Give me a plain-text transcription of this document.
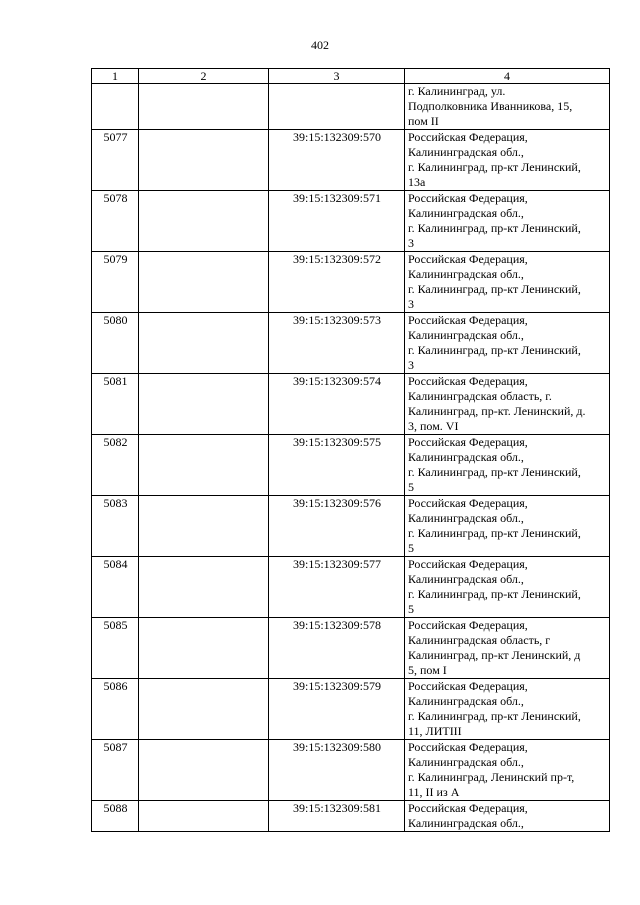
402
1	2	3	4

			г. Калининград, ул.
Подполковника Иванникова, 15,
пом II

5077		39:15:132309:570	Российская Федерация,
Калининградская обл.,
г. Калининград, пр-кт Ленинский,
13а

5078		39:15:132309:571	Российская Федерация,
Калининградская обл.,
г. Калининград, пр-кт Ленинский,
3

5079		39:15:132309:572	Российская Федерация,
Калининградская обл.,
г. Калининград, пр-кт Ленинский,
3

5080		39:15:132309:573	Российская Федерация,
Калининградская обл.,
г. Калининград, пр-кт Ленинский,
3

5081		39:15:132309:574	Российская Федерация,
Калининградская область, г.
Калининград, пр-кт. Ленинский, д.
3, пом. VI

5082		39:15:132309:575	Российская Федерация,
Калининградская обл.,
г. Калининград, пр-кт Ленинский,
5

5083		39:15:132309:576	Российская Федерация,
Калининградская обл.,
г. Калининград, пр-кт Ленинский,
5

5084		39:15:132309:577	Российская Федерация,
Калининградская обл.,
г. Калининград, пр-кт Ленинский,
5

5085		39:15:132309:578	Российская Федерация,
Калининградская область, г
Калининград, пр-кт Ленинский, д
5, пом I

5086		39:15:132309:579	Российская Федерация,
Калининградская обл.,
г. Калининград, пр-кт Ленинский,
11, ЛИТIII

5087		39:15:132309:580	Российская Федерация,
Калининградская обл.,
г. Калининград, Ленинский пр-т,
11, II из А

5088		39:15:132309:581	Российская Федерация,
Калининградская обл.,
